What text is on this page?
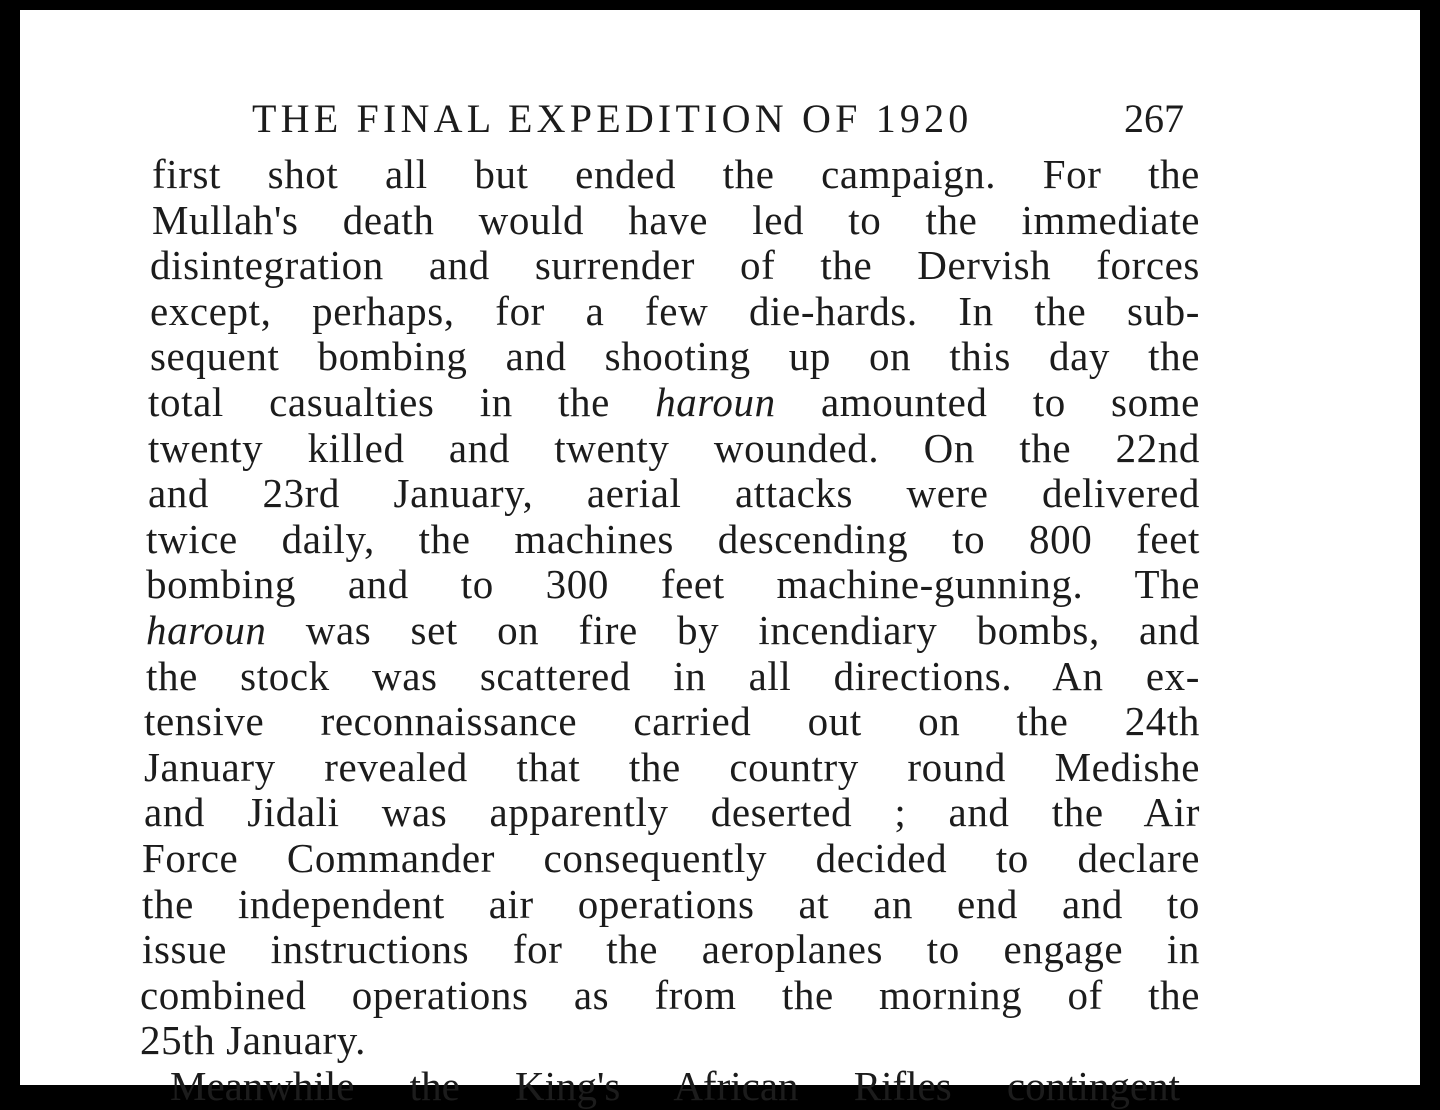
THE FINAL EXPEDITION OF 1920	267
first shot all but ended the campaign. For the
Mullah's death would have led to the immediate
disintegration and surrender of the Dervish forces
except, perhaps, for a few die-hards. In the sub-
sequent bombing and shooting up on this day the
total casualties in the haroun amounted to some
twenty killed and twenty wounded. On the 22nd
and 23rd January, aerial attacks were delivered
twice daily, the machines descending to 800 feet
bombing and to 300 feet machine-gunning. The
haroun was set on fire by incendiary bombs, and
the stock was scattered in all directions. An ex-
tensive reconnaissance carried out on the 24th
January revealed that the country round Medishe
and Jidali was apparently deserted ; and the Air
Force Commander consequently decided to declare
the independent air operations at an end and to
issue instructions for the aeroplanes to engage in
combined operations as from the morning of the
25th January.
Meanwhile the King's African Rifles contingent
